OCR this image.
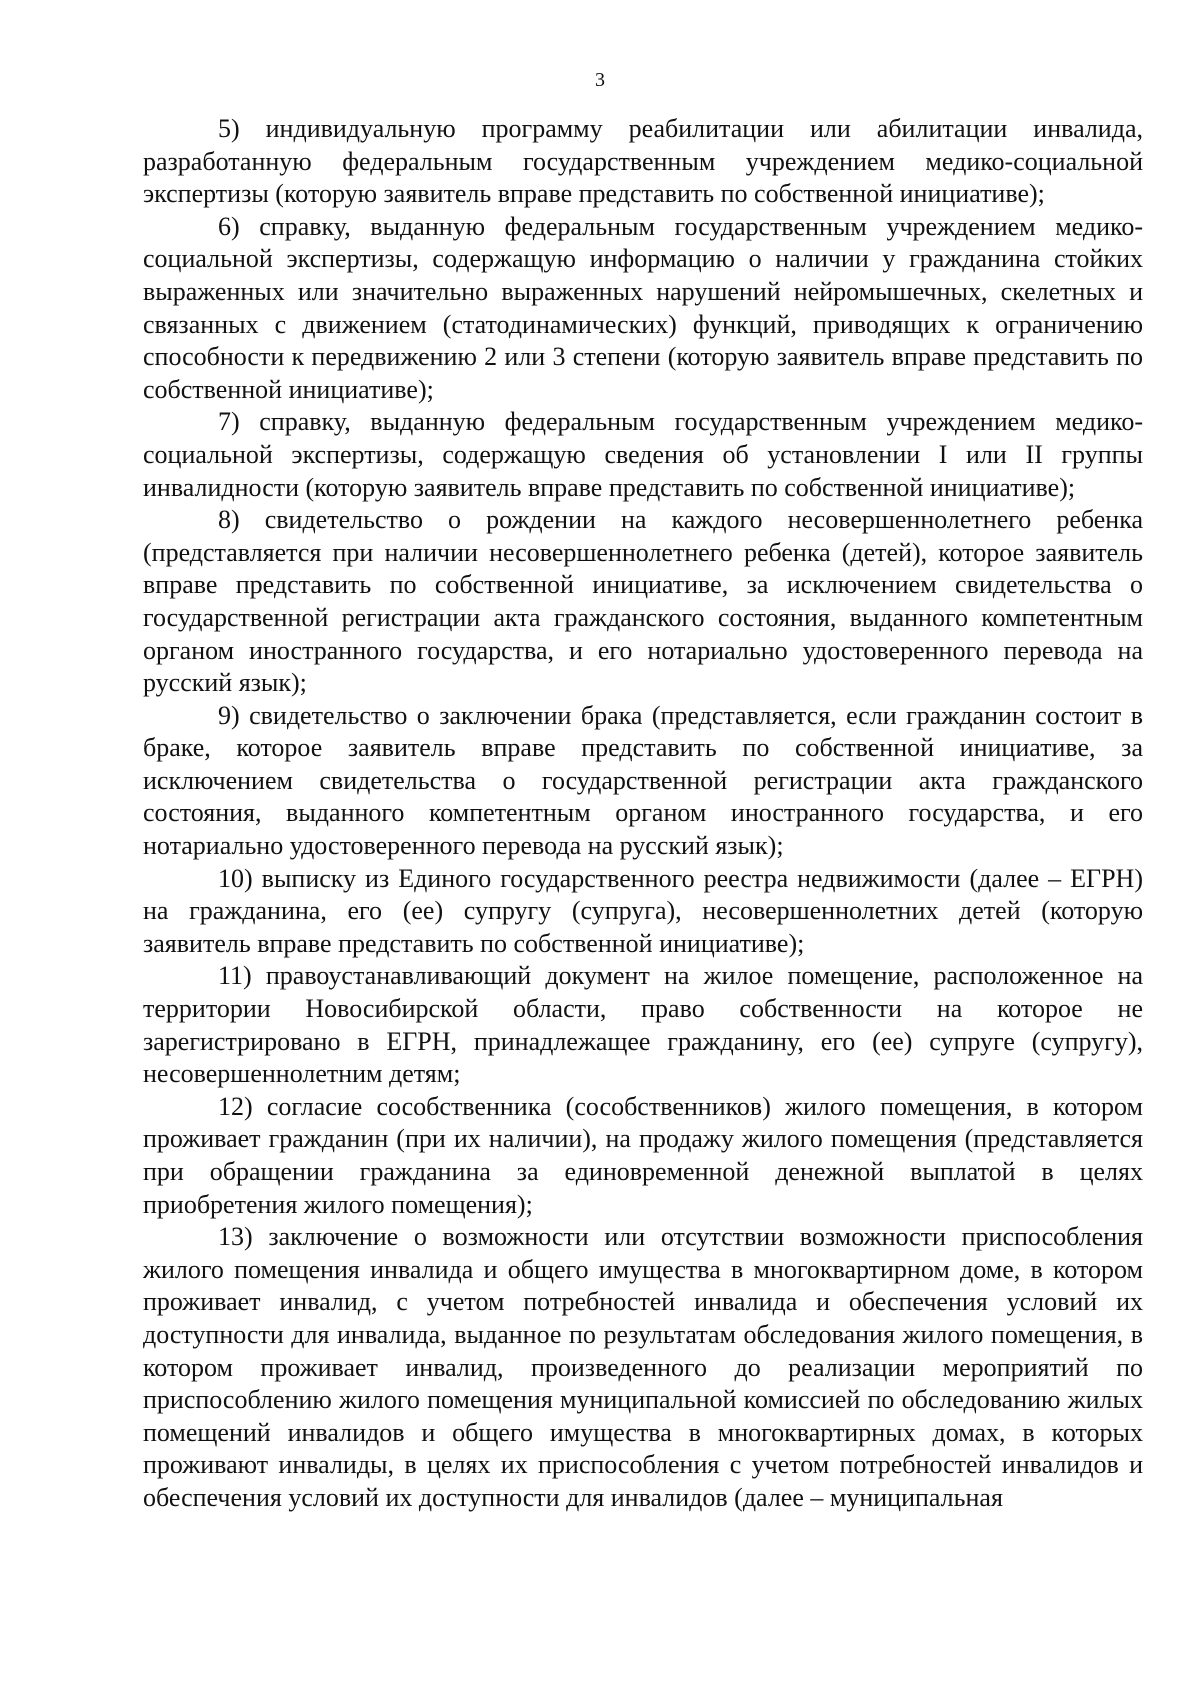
3

5) индивидуальную программу реабилитации или абилитации инвалида, разработанную федеральным государственным учреждением медико-социальной экспертизы (которую заявитель вправе представить по собственной инициативе);

6) справку, выданную федеральным государственным учреждением медико-социальной экспертизы, содержащую информацию о наличии у гражданина стойких выраженных или значительно выраженных нарушений нейромышечных, скелетных и связанных с движением (статодинамических) функций, приводящих к ограничению способности к передвижению 2 или 3 степени (которую заявитель вправе представить по собственной инициативе);

7) справку, выданную федеральным государственным учреждением медико-социальной экспертизы, содержащую сведения об установлении I или II группы инвалидности (которую заявитель вправе представить по собственной инициативе);

8) свидетельство о рождении на каждого несовершеннолетнего ребенка (представляется при наличии несовершеннолетнего ребенка (детей), которое заявитель вправе представить по собственной инициативе, за исключением свидетельства о государственной регистрации акта гражданского состояния, выданного компетентным органом иностранного государства, и его нотариально удостоверенного перевода на русский язык);

9) свидетельство о заключении брака (представляется, если гражданин состоит в браке, которое заявитель вправе представить по собственной инициативе, за исключением свидетельства о государственной регистрации акта гражданского состояния, выданного компетентным органом иностранного государства, и его нотариально удостоверенного перевода на русский язык);

10) выписку из Единого государственного реестра недвижимости (далее – ЕГРН) на гражданина, его (ее) супругу (супруга), несовершеннолетних детей (которую заявитель вправе представить по собственной инициативе);

11) правоустанавливающий документ на жилое помещение, расположенное на территории Новосибирской области, право собственности на которое не зарегистрировано в ЕГРН, принадлежащее гражданину, его (ее) супруге (супругу), несовершеннолетним детям;

12) согласие сособственника (сособственников) жилого помещения, в котором проживает гражданин (при их наличии), на продажу жилого помещения (представляется при обращении гражданина за единовременной денежной выплатой в целях приобретения жилого помещения);

13) заключение о возможности или отсутствии возможности приспособления жилого помещения инвалида и общего имущества в многоквартирном доме, в котором проживает инвалид, с учетом потребностей инвалида и обеспечения условий их доступности для инвалида, выданное по результатам обследования жилого помещения, в котором проживает инвалид, произведенного до реализации мероприятий по приспособлению жилого помещения муниципальной комиссией по обследованию жилых помещений инвалидов и общего имущества в многоквартирных домах, в которых проживают инвалиды, в целях их приспособления с учетом потребностей инвалидов и обеспечения условий их доступности для инвалидов (далее – муниципальная
